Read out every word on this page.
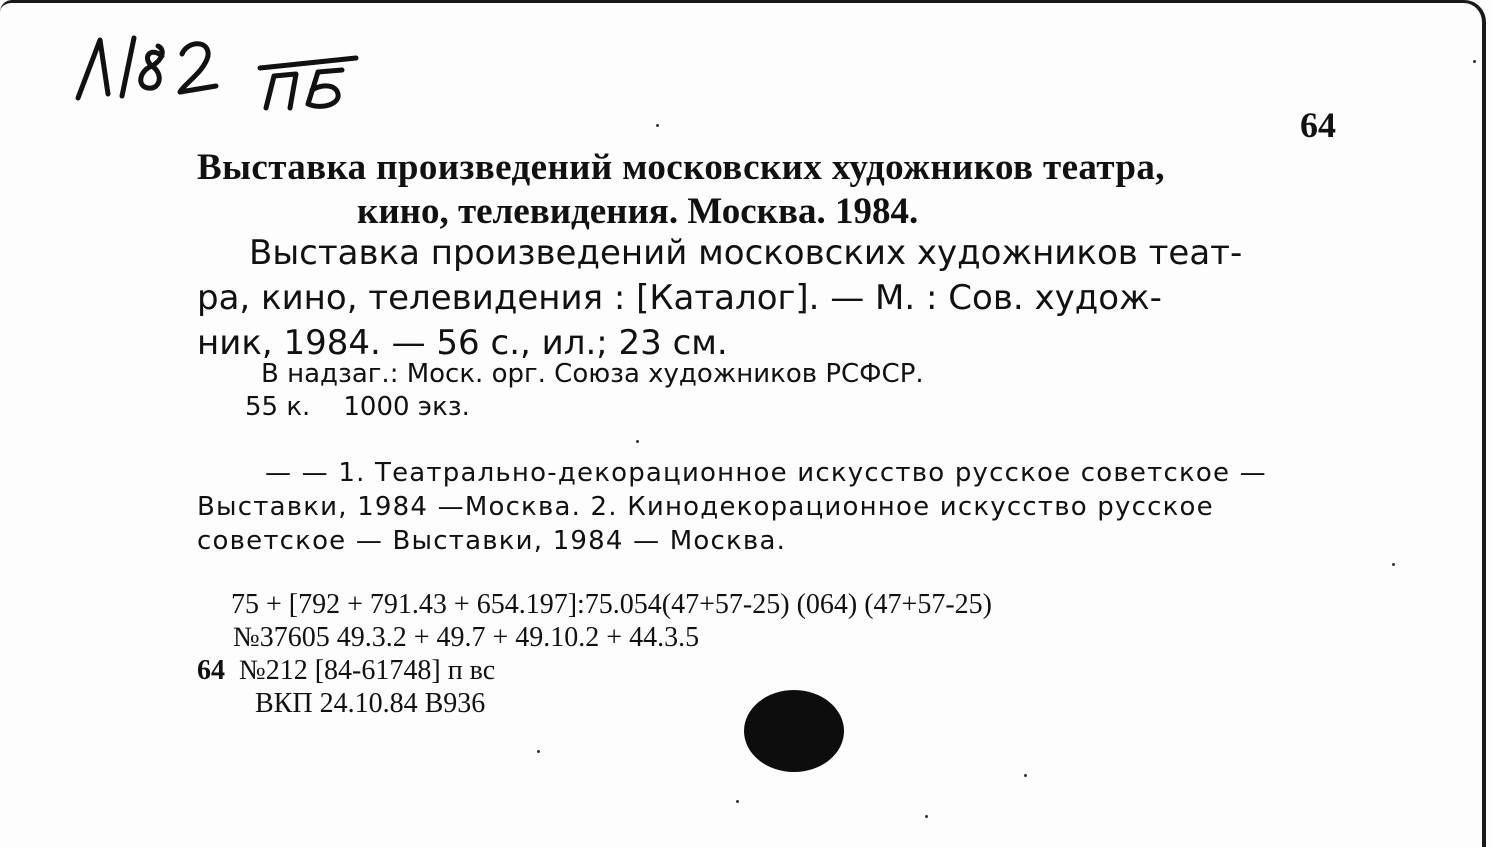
64
Выставка произведений московских художников театра,
кино, телевидения. Москва. 1984.
Выставка произведений московских художников теат-
ра, кино, телевидения : [Каталог]. — М. : Сов. худож-
ник, 1984. — 56 с., ил.; 23 см.
В надзаг.: Моск. орг. Союза художников РСФСР.
55 к.    1000 экз.
— — 1. Театрально-декорационное искусство русское советское —
Выставки, 1984 —Москва. 2. Кинодекорационное искусство русское
советское — Выставки, 1984 — Москва.
75 + [792 + 791.43 + 654.197]:75.054(47+57-25) (064) (47+57-25)
№37605 49.3.2 + 49.7 + 49.10.2 + 44.3.5
64 №212 [84-61748] п вс
ВКП 24.10.84 В936
